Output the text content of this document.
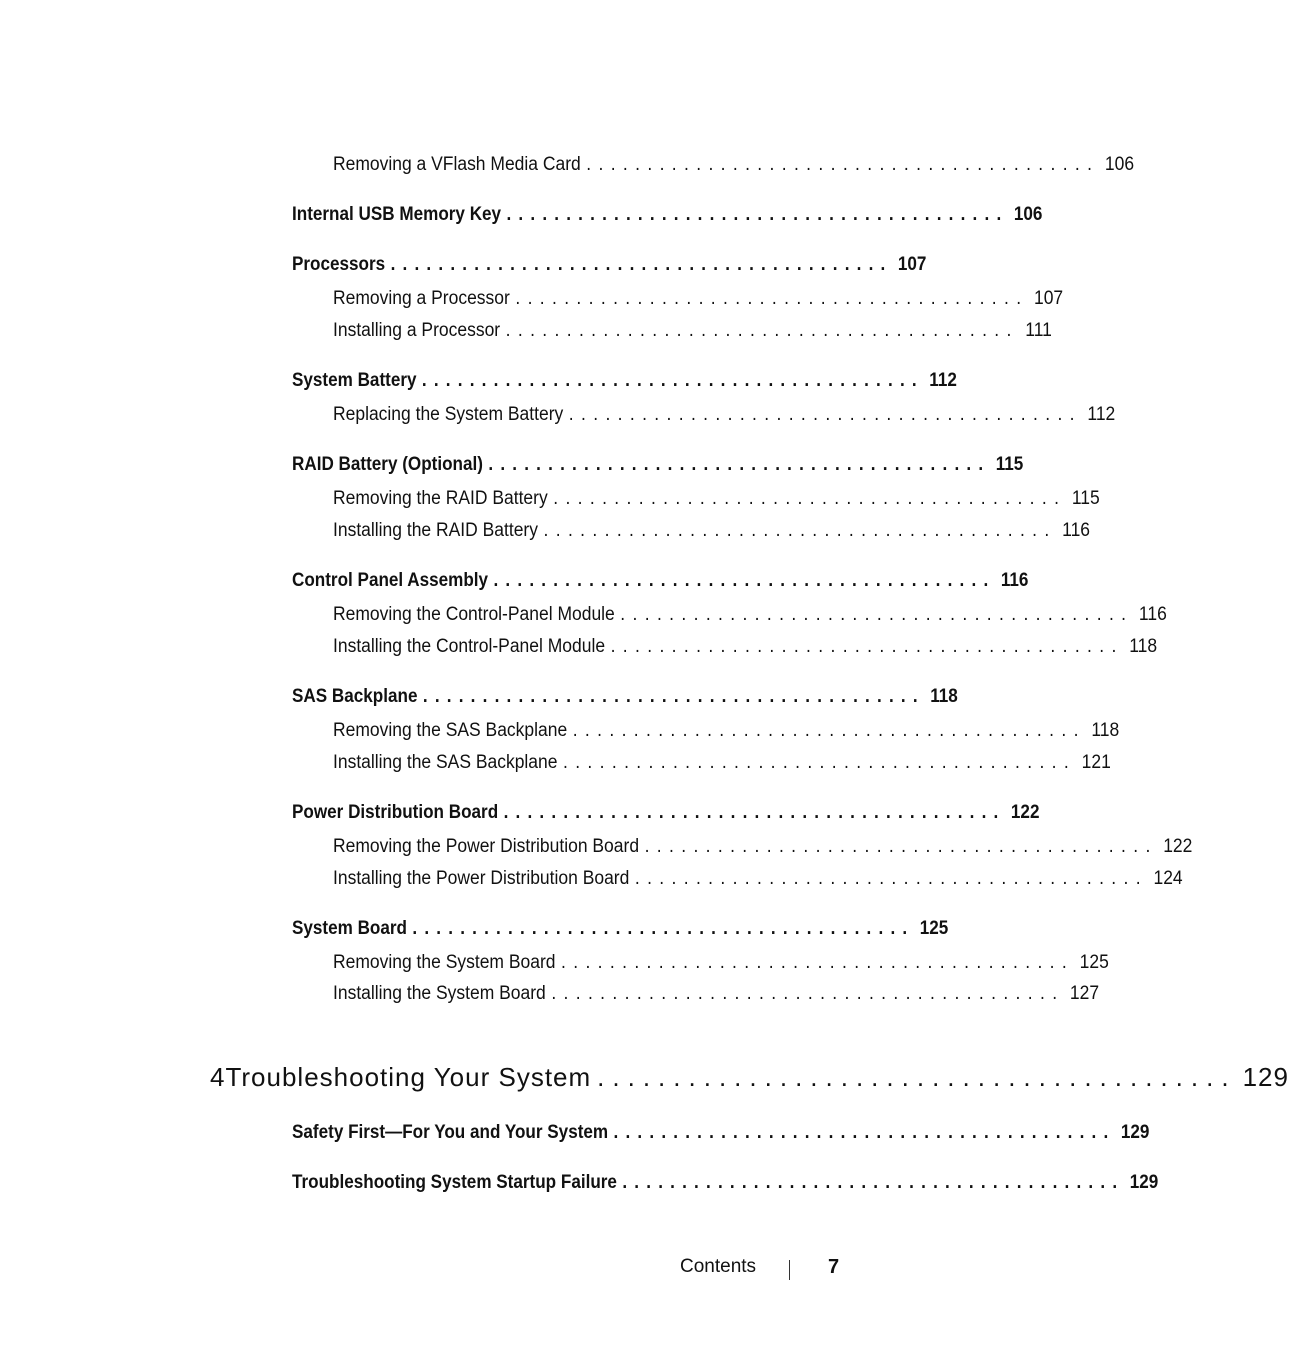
Removing a VFlash Media Card .......................................... 106
Internal USB Memory Key .......................................... 106
Processors .......................................... 107
Removing a Processor .......................................... 107
Installing a Processor .......................................... 111
System Battery .......................................... 112
Replacing the System Battery .......................................... 112
RAID Battery (Optional) .......................................... 115
Removing the RAID Battery .......................................... 115
Installing the RAID Battery .......................................... 116
Control Panel Assembly .......................................... 116
Removing the Control-Panel Module .......................................... 116
Installing the Control-Panel Module .......................................... 118
SAS Backplane .......................................... 118
Removing the SAS Backplane .......................................... 118
Installing the SAS Backplane .......................................... 121
Power Distribution Board .......................................... 122
Removing the Power Distribution Board .......................................... 122
Installing the Power Distribution Board .......................................... 124
System Board .......................................... 125
Removing the System Board .......................................... 125
Installing the System Board .......................................... 127
4 Troubleshooting Your System .......................................... 129
Safety First—For You and Your System .......................................... 129
Troubleshooting System Startup Failure .......................................... 129
Contents	7
